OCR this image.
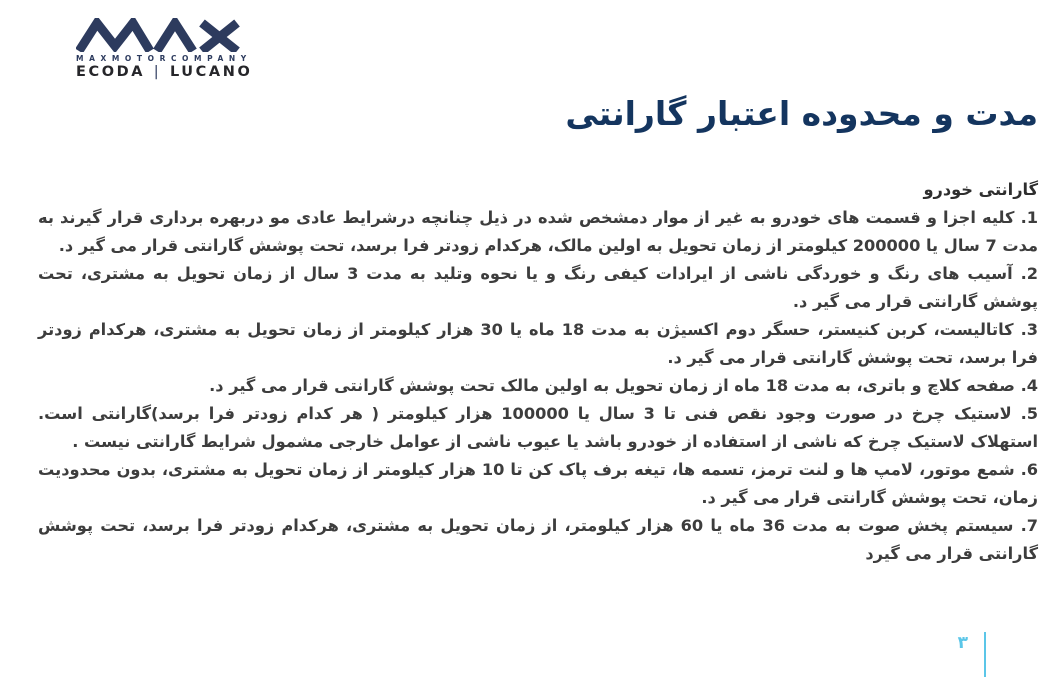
MAXMOTORCOMPANY
ECODA | LUCANO
مدت و محدوده اعتبار گارانتی
گارانتی خودرو
1. کلیه اجزا و قسمت های خودرو به غیر از موار دمشخص شده در ذیل چنانچه درشرایط عادی مو دربهره برداری قرار گیرند به مدت 7 سال یا 200000 کیلومتر از زمان تحویل به اولین مالک، هرکدام زودتر فرا برسد، تحت پوشش گارانتی قرار می گیر د.
2. آسیب های رنگ و خوردگی ناشی از ایرادات کیفی رنگ و یا نحوه وتلید به مدت 3 سال از زمان تحویل به مشتری، تحت پوشش گارانتی قرار می گیر د.
3. کاتالیست، کربن کنیستر، حسگر دوم اکسیژن به مدت 18 ماه یا 30 هزار کیلومتر از زمان تحویل به مشتری، هرکدام زودتر فرا برسد، تحت پوشش گارانتی قرار می گیر د.
4. صفحه کلاچ و باتری، به مدت 18 ماه از زمان تحویل به اولین مالک تحت پوشش گارانتی قرار می گیر د.
5. لاستیک چرخ در صورت وجود نقص فنی تا 3 سال یا 100000 هزار کیلومتر ( هر کدام زودتر فرا برسد)گارانتی است. استهلاک لاستیک چرخ که ناشی از استفاده از خودرو باشد یا عیوب ناشی از عوامل خارجی مشمول شرایط گارانتی نیست .
6. شمع موتور، لامپ ها و لنت ترمز، تسمه ها، تیغه برف پاک کن تا 10 هزار کیلومتر از زمان تحویل به مشتری، بدون محدودیت زمان، تحت پوشش گارانتی قرار می گیر د.
7. سیستم پخش صوت به مدت 36 ماه یا 60 هزار کیلومتر، از زمان تحویل به مشتری، هرکدام زودتر فرا برسد، تحت پوشش گارانتی قرار می گیرد
۳
